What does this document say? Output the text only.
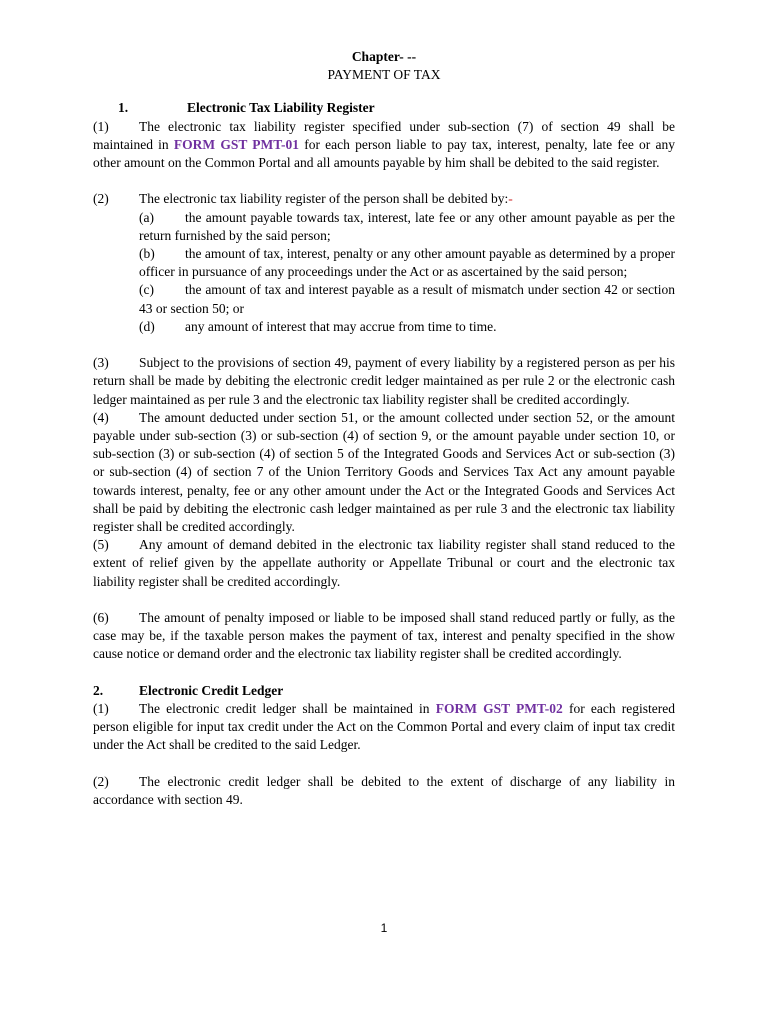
Chapter- --
PAYMENT OF TAX
1.	Electronic Tax Liability Register

(1) The electronic tax liability register specified under sub-section (7) of section 49 shall be maintained in FORM GST PMT-01 for each person liable to pay tax, interest, penalty, late fee or any other amount on the Common Portal and all amounts payable by him shall be debited to the said register.

(2) The electronic tax liability register of the person shall be debited by:-

(a) the amount payable towards tax, interest, late fee or any other amount payable as per the return furnished by the said person;
(b) the amount of tax, interest, penalty or any other amount payable as determined by a proper officer in pursuance of any proceedings under the Act or as ascertained by the said person;
(c) the amount of tax and interest payable as a result of mismatch under section 42 or section 43 or section 50; or
(d) any amount of interest that may accrue from time to time.

(3) Subject to the provisions of section 49, payment of every liability by a registered person as per his return shall be made by debiting the electronic credit ledger maintained as per rule 2 or the electronic cash ledger maintained as per rule 3 and the electronic tax liability register shall be credited accordingly.

(4) The amount deducted under section 51, or the amount collected under section 52, or the amount payable under sub-section (3) or sub-section (4) of section 9, or the amount payable under section 10, or sub-section (3) or sub-section (4) of section 5 of the Integrated Goods and Services Act or sub-section (3) or sub-section (4) of section 7 of the Union Territory Goods and Services Tax Act any amount payable towards interest, penalty, fee or any other amount under the Act or the Integrated Goods and Services Act shall be paid by debiting the electronic cash ledger maintained as per rule 3 and the electronic tax liability register shall be credited accordingly.

(5) Any amount of demand debited in the electronic tax liability register shall stand reduced to the extent of relief given by the appellate authority or Appellate Tribunal or court and the electronic tax liability register shall be credited accordingly.

(6) The amount of penalty imposed or liable to be imposed shall stand reduced partly or fully, as the case may be, if the taxable person makes the payment of tax, interest and penalty specified in the show cause notice or demand order and the electronic tax liability register shall be credited accordingly.

2.	Electronic Credit Ledger

(1) The electronic credit ledger shall be maintained in FORM GST PMT-02 for each registered person eligible for input tax credit under the Act on the Common Portal and every claim of input tax credit under the Act shall be credited to the said Ledger.

(2) The electronic credit ledger shall be debited to the extent of discharge of any liability in accordance with section 49.

1
